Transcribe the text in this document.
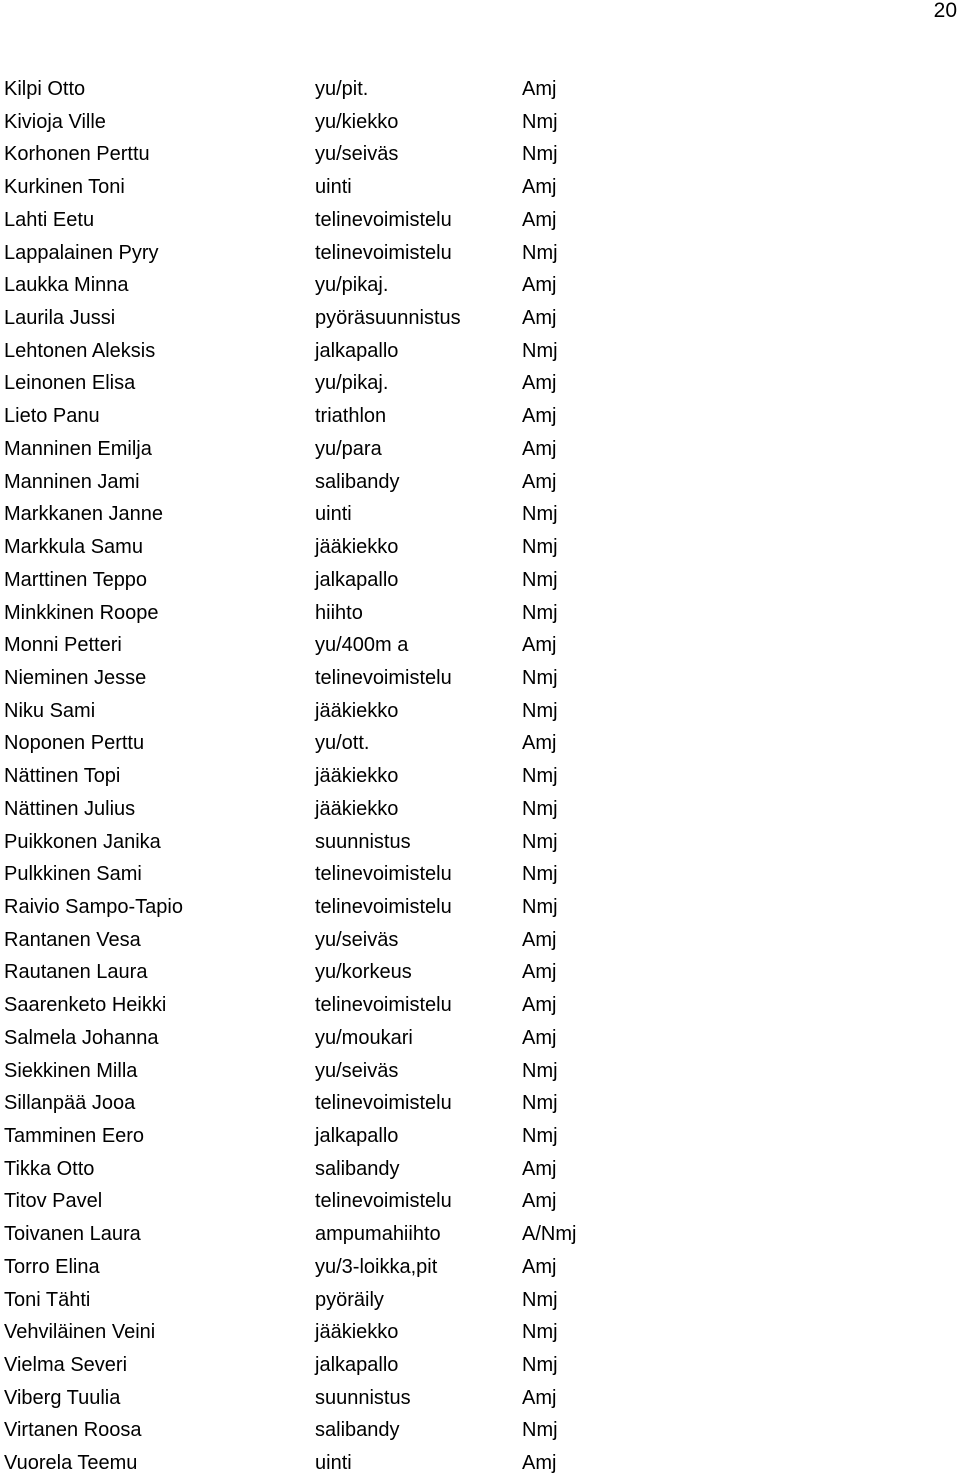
20
Kilpi Otto	yu/pit.	Amj
Kivioja Ville	yu/kiekko	Nmj
Korhonen Perttu	yu/seiväs	Nmj
Kurkinen Toni	uinti	Amj
Lahti Eetu	telinevoimistelu	Amj
Lappalainen Pyry	telinevoimistelu	Nmj
Laukka Minna	yu/pikaj.	Amj
Laurila Jussi	pyöräsuunnistus	Amj
Lehtonen Aleksis	jalkapallo	Nmj
Leinonen Elisa	yu/pikaj.	Amj
Lieto Panu	triathlon	Amj
Manninen Emilja	yu/para	Amj
Manninen Jami	salibandy	Amj
Markkanen Janne	uinti	Nmj
Markkula Samu	jääkiekko	Nmj
Marttinen Teppo	jalkapallo	Nmj
Minkkinen Roope	hiihto	Nmj
Monni Petteri	yu/400m a	Amj
Nieminen Jesse	telinevoimistelu	Nmj
Niku Sami	jääkiekko	Nmj
Noponen Perttu	yu/ott.	Amj
Nättinen Topi	jääkiekko	Nmj
Nättinen Julius	jääkiekko	Nmj
Puikkonen Janika	suunnistus	Nmj
Pulkkinen Sami	telinevoimistelu	Nmj
Raivio Sampo-Tapio	telinevoimistelu	Nmj
Rantanen Vesa	yu/seiväs	Amj
Rautanen Laura	yu/korkeus	Amj
Saarenketo Heikki	telinevoimistelu	Amj
Salmela Johanna	yu/moukari	Amj
Siekkinen Milla	yu/seiväs	Nmj
Sillanpää Jooa	telinevoimistelu	Nmj
Tamminen Eero	jalkapallo	Nmj
Tikka Otto	salibandy	Amj
Titov Pavel	telinevoimistelu	Amj
Toivanen Laura	ampumahiihto	A/Nmj
Torro Elina	yu/3-loikka,pit	Amj
Toni Tähti	pyöräily	Nmj
Vehviläinen Veini	jääkiekko	Nmj
Vielma Severi	jalkapallo	Nmj
Viberg Tuulia	suunnistus	Amj
Virtanen Roosa	salibandy	Nmj
Vuorela Teemu	uinti	Amj
